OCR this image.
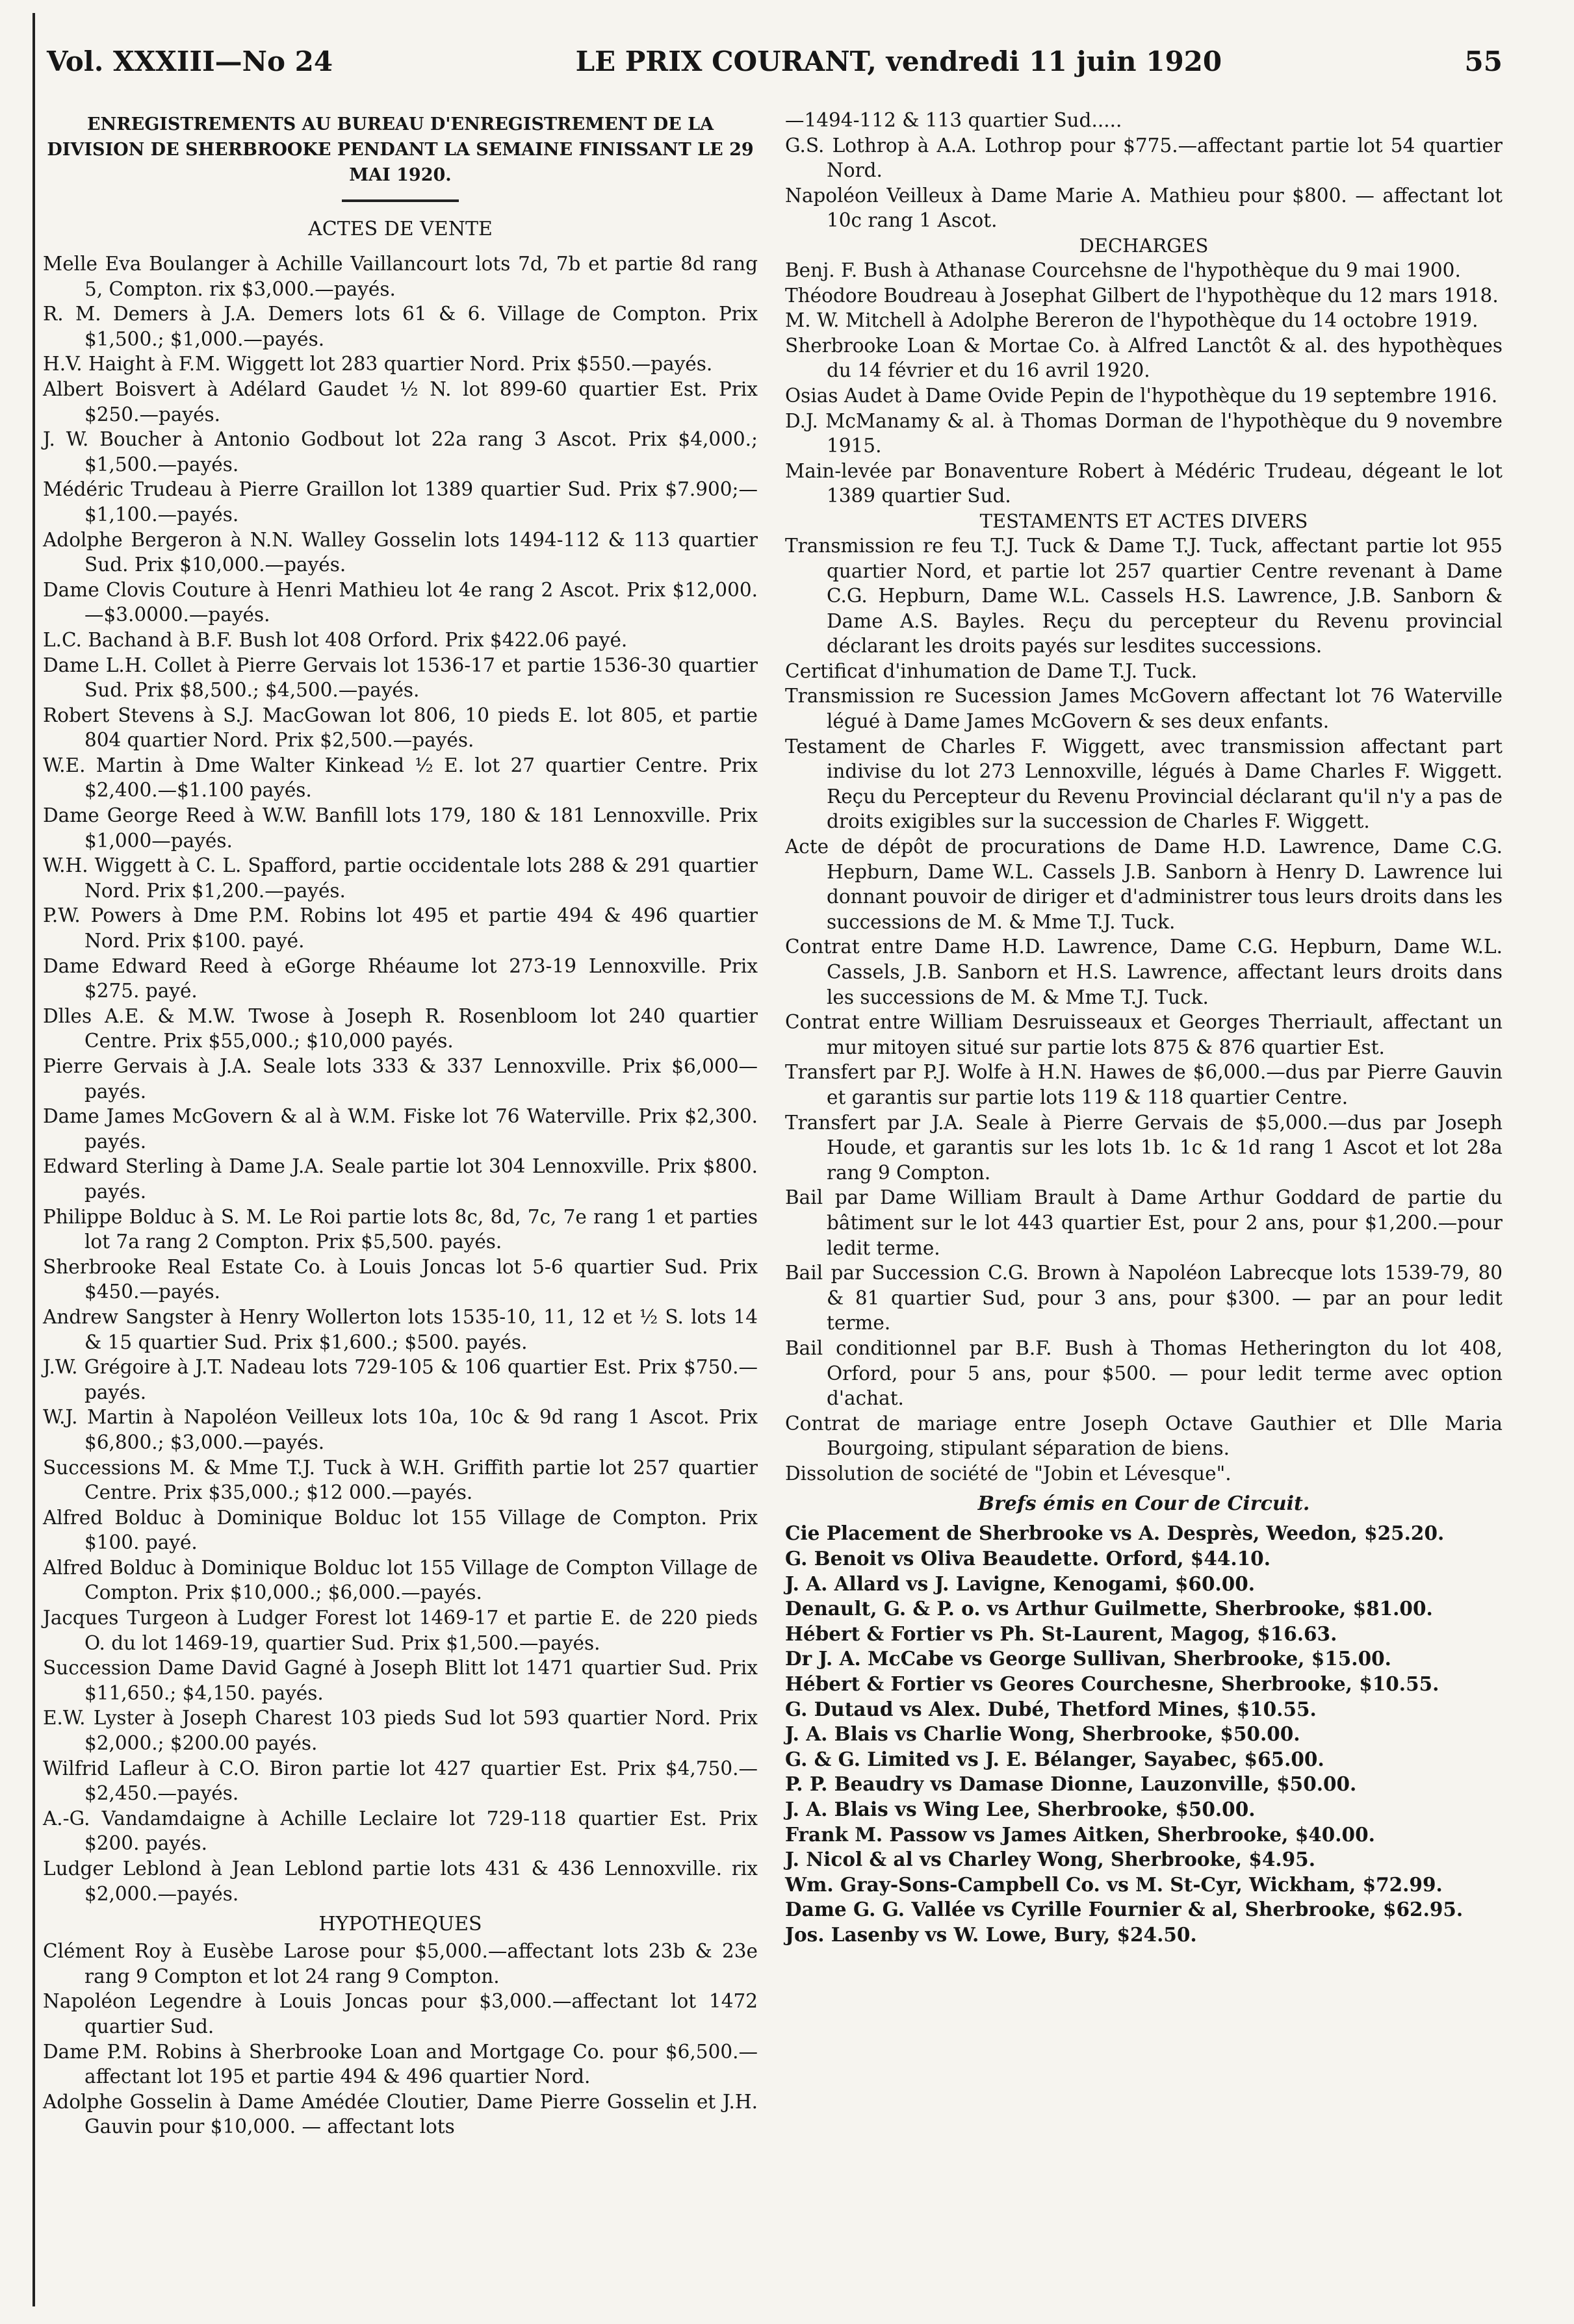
Vol. XXXIII—No 24	LE PRIX COURANT, vendredi 11 juin 1920	55

ENREGISTREMENTS AU BUREAU D'ENREGISTREMENT DE LA DIVISION DE SHERBROOKE PENDANT LA SEMAINE FINISSANT LE 29 MAI 1920.

ACTES DE VENTE

Melle Eva Boulanger à Achille Vaillancourt lots 7d, 7b et partie 8d rang 5, Compton. rix $3,000.—payés.

R. M. Demers à J.A. Demers lots 61 & 6. Village de Compton. Prix $1,500.; $1,000.—payés.

H.V. Haight à F.M. Wiggett lot 283 quartier Nord. Prix $550.—payés.

Albert Boisvert à Adélard Gaudet ½ N. lot 899-60 quartier Est. Prix $250.—payés.

J. W. Boucher à Antonio Godbout lot 22a rang 3 Ascot. Prix $4,000.; $1,500.—payés.

Médéric Trudeau à Pierre Graillon lot 1389 quartier Sud. Prix $7.900;—$1,100.—payés.

Adolphe Bergeron à N.N. Walley Gosselin lots 1494-112 & 113 quartier Sud. Prix $10,000.—payés.

Dame Clovis Couture à Henri Mathieu lot 4e rang 2 Ascot. Prix $12,000.—$3.0000.—payés.

L.C. Bachand à B.F. Bush lot 408 Orford. Prix $422.06 payé.

Dame L.H. Collet à Pierre Gervais lot 1536-17 et partie 1536-30 quartier Sud. Prix $8,500.; $4,500.—payés.

Robert Stevens à S.J. MacGowan lot 806, 10 pieds E. lot 805, et partie 804 quartier Nord. Prix $2,500.—payés.

W.E. Martin à Dme Walter Kinkead ½ E. lot 27 quartier Centre. Prix $2,400.—$1.100 payés.

Dame George Reed à W.W. Banfill lots 179, 180 & 181 Lennoxville. Prix $1,000—payés.

W.H. Wiggett à C. L. Spafford, partie occidentale lots 288 & 291 quartier Nord. Prix $1,200.—payés.

P.W. Powers à Dme P.M. Robins lot 495 et partie 494 & 496 quartier Nord. Prix $100. payé.

Dame Edward Reed à eGorge Rhéaume lot 273-19 Lennoxville. Prix $275. payé.

Dlles A.E. & M.W. Twose à Joseph R. Rosenbloom lot 240 quartier Centre. Prix $55,000.; $10,000 payés.

Pierre Gervais à J.A. Seale lots 333 & 337 Lennoxville. Prix $6,000—payés.

Dame James McGovern & al à W.M. Fiske lot 76 Waterville. Prix $2,300. payés.

Edward Sterling à Dame J.A. Seale partie lot 304 Lennoxville. Prix $800. payés.

Philippe Bolduc à S. M. Le Roi partie lots 8c, 8d, 7c, 7e rang 1 et parties lot 7a rang 2 Compton. Prix $5,500. payés.

Sherbrooke Real Estate Co. à Louis Joncas lot 5-6 quartier Sud. Prix $450.—payés.

Andrew Sangster à Henry Wollerton lots 1535-10, 11, 12 et ½ S. lots 14 & 15 quartier Sud. Prix $1,600.; $500. payés.

J.W. Grégoire à J.T. Nadeau lots 729-105 & 106 quartier Est. Prix $750.—payés.

W.J. Martin à Napoléon Veilleux lots 10a, 10c & 9d rang 1 Ascot. Prix $6,800.; $3,000.—payés.

Successions M. & Mme T.J. Tuck à W.H. Griffith partie lot 257 quartier Centre. Prix $35,000.; $12 000.—payés.

Alfred Bolduc à Dominique Bolduc lot 155 Village de Compton. Prix $100. payé.

Alfred Bolduc à Dominique Bolduc lot 155 Village de Compton Village de Compton. Prix $10,000.; $6,000.—payés.

Jacques Turgeon à Ludger Forest lot 1469-17 et partie E. de 220 pieds O. du lot 1469-19, quartier Sud. Prix $1,500.—payés.

Succession Dame David Gagné à Joseph Blitt lot 1471 quartier Sud. Prix $11,650.; $4,150. payés.

E.W. Lyster à Joseph Charest 103 pieds Sud lot 593 quartier Nord. Prix $2,000.; $200.00 payés.

Wilfrid Lafleur à C.O. Biron partie lot 427 quartier Est. Prix $4,750.—$2,450.—payés.

A.-G. Vandamdaigne à Achille Leclaire lot 729-118 quartier Est. Prix $200. payés.

Ludger Leblond à Jean Leblond partie lots 431 & 436 Lennoxville. rix $2,000.—payés.

HYPOTHEQUES

Clément Roy à Eusèbe Larose pour $5,000.—affectant lots 23b & 23e rang 9 Compton et lot 24 rang 9 Compton.

Napoléon Legendre à Louis Joncas pour $3,000.—affectant lot 1472 quartier Sud.

Dame P.M. Robins à Sherbrooke Loan and Mortgage Co. pour $6,500.—affectant lot 195 et partie 494 & 496 quartier Nord.

Adolphe Gosselin à Dame Amédée Cloutier, Dame Pierre Gosselin et J.H. Gauvin pour $10,000. — affectant lots

—1494-112 & 113 quartier Sud.....

G.S. Lothrop à A.A. Lothrop pour $775.—affectant partie lot 54 quartier Nord.

Napoléon Veilleux à Dame Marie A. Mathieu pour $800. — affectant lot 10c rang 1 Ascot.

DECHARGES

Benj. F. Bush à Athanase Courcehsne de l'hypothèque du 9 mai 1900.

Théodore Boudreau à Josephat Gilbert de l'hypothèque du 12 mars 1918.

M. W. Mitchell à Adolphe Bereron de l'hypothèque du 14 octobre 1919.

Sherbrooke Loan & Mortae Co. à Alfred Lanctôt & al. des hypothèques du 14 février et du 16 avril 1920.

Osias Audet à Dame Ovide Pepin de l'hypothèque du 19 septembre 1916.

D.J. McManamy & al. à Thomas Dorman de l'hypothèque du 9 novembre 1915.

Main-levée par Bonaventure Robert à Médéric Trudeau, dégeant le lot 1389 quartier Sud.

TESTAMENTS ET ACTES DIVERS

Transmission re feu T.J. Tuck & Dame T.J. Tuck, affectant partie lot 955 quartier Nord, et partie lot 257 quartier Centre revenant à Dame C.G. Hepburn, Dame W.L. Cassels H.S. Lawrence, J.B. Sanborn & Dame A.S. Bayles. Reçu du percepteur du Revenu provincial déclarant les droits payés sur lesdites successions.

Certificat d'inhumation de Dame T.J. Tuck.

Transmission re Sucession James McGovern affectant lot 76 Waterville légué à Dame James McGovern & ses deux enfants.

Testament de Charles F. Wiggett, avec transmission affectant part indivise du lot 273 Lennoxville, légués à Dame Charles F. Wiggett. Reçu du Percepteur du Revenu Provincial déclarant qu'il n'y a pas de droits exigibles sur la succession de Charles F. Wiggett.

Acte de dépôt de procurations de Dame H.D. Lawrence, Dame C.G. Hepburn, Dame W.L. Cassels J.B. Sanborn à Henry D. Lawrence lui donnant pouvoir de diriger et d'administrer tous leurs droits dans les successions de M. & Mme T.J. Tuck.

Contrat entre Dame H.D. Lawrence, Dame C.G. Hepburn, Dame W.L. Cassels, J.B. Sanborn et H.S. Lawrence, affectant leurs droits dans les successions de M. & Mme T.J. Tuck.

Contrat entre William Desruisseaux et Georges Therriault, affectant un mur mitoyen situé sur partie lots 875 & 876 quartier Est.

Transfert par P.J. Wolfe à H.N. Hawes de $6,000.—dus par Pierre Gauvin et garantis sur partie lots 119 & 118 quartier Centre.

Transfert par J.A. Seale à Pierre Gervais de $5,000.—dus par Joseph Houde, et garantis sur les lots 1b. 1c & 1d rang 1 Ascot et lot 28a rang 9 Compton.

Bail par Dame William Brault à Dame Arthur Goddard de partie du bâtiment sur le lot 443 quartier Est, pour 2 ans, pour $1,200.—pour ledit terme.

Bail par Succession C.G. Brown à Napoléon Labrecque lots 1539-79, 80 & 81 quartier Sud, pour 3 ans, pour $300. — par an pour ledit terme.

Bail conditionnel par B.F. Bush à Thomas Hetherington du lot 408, Orford, pour 5 ans, pour $500. — pour ledit terme avec option d'achat.

Contrat de mariage entre Joseph Octave Gauthier et Dlle Maria Bourgoing, stipulant séparation de biens.

Dissolution de société de "Jobin et Lévesque".

Brefs émis en Cour de Circuit.

Cie Placement de Sherbrooke vs A. Desprès, Weedon, $25.20.

G. Benoit vs Oliva Beaudette. Orford, $44.10.

J. A. Allard vs J. Lavigne, Kenogami, $60.00.

Denault, G. & P. o. vs Arthur Guilmette, Sherbrooke, $81.00.

Hébert & Fortier vs Ph. St-Laurent, Magog, $16.63.

Dr J. A. McCabe vs George Sullivan, Sherbrooke, $15.00.

Hébert & Fortier vs Geores Courchesne, Sherbrooke, $10.55.

G. Dutaud vs Alex. Dubé, Thetford Mines, $10.55.

J. A. Blais vs Charlie Wong, Sherbrooke, $50.00.

G. & G. Limited vs J. E. Bélanger, Sayabec, $65.00.

P. P. Beaudry vs Damase Dionne, Lauzonville, $50.00.

J. A. Blais vs Wing Lee, Sherbrooke, $50.00.

Frank M. Passow vs James Aitken, Sherbrooke, $40.00.

J. Nicol & al vs Charley Wong, Sherbrooke, $4.95.

Wm. Gray-Sons-Campbell Co. vs M. St-Cyr, Wickham, $72.99.

Dame G. G. Vallée vs Cyrille Fournier & al, Sherbrooke, $62.95.

Jos. Lasenby vs W. Lowe, Bury, $24.50.
